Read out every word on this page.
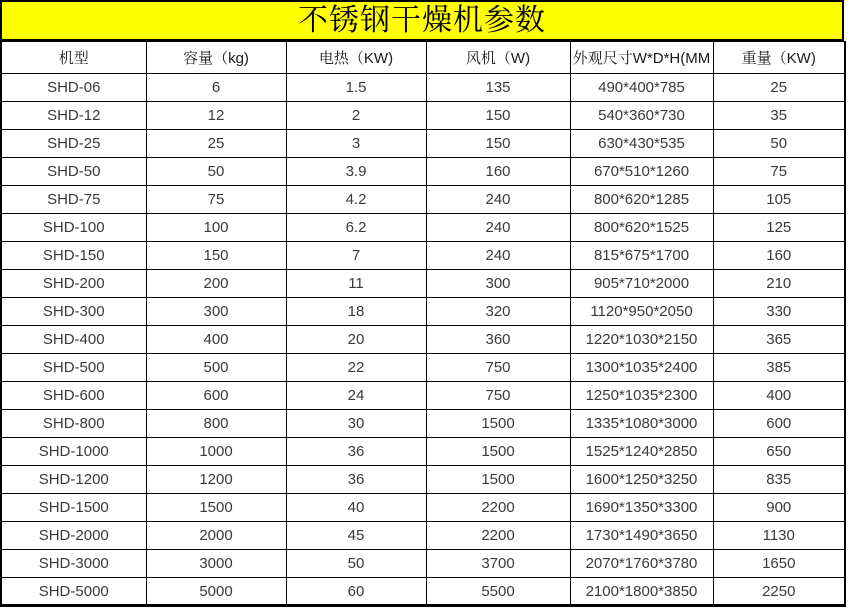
不锈钢干燥机参数
机型	容量（kg)	电热（KW)	风机（W)	外观尺寸W*D*H(MM	重量（KW)
SHD-06	6	1.5	135	490*400*785	25
SHD-12	12	2	150	540*360*730	35
SHD-25	25	3	150	630*430*535	50
SHD-50	50	3.9	160	670*510*1260	75
SHD-75	75	4.2	240	800*620*1285	105
SHD-100	100	6.2	240	800*620*1525	125
SHD-150	150	7	240	815*675*1700	160
SHD-200	200	11	300	905*710*2000	210
SHD-300	300	18	320	1120*950*2050	330
SHD-400	400	20	360	1220*1030*2150	365
SHD-500	500	22	750	1300*1035*2400	385
SHD-600	600	24	750	1250*1035*2300	400
SHD-800	800	30	1500	1335*1080*3000	600
SHD-1000	1000	36	1500	1525*1240*2850	650
SHD-1200	1200	36	1500	1600*1250*3250	835
SHD-1500	1500	40	2200	1690*1350*3300	900
SHD-2000	2000	45	2200	1730*1490*3650	1130
SHD-3000	3000	50	3700	2070*1760*3780	1650
SHD-5000	5000	60	5500	2100*1800*3850	2250
